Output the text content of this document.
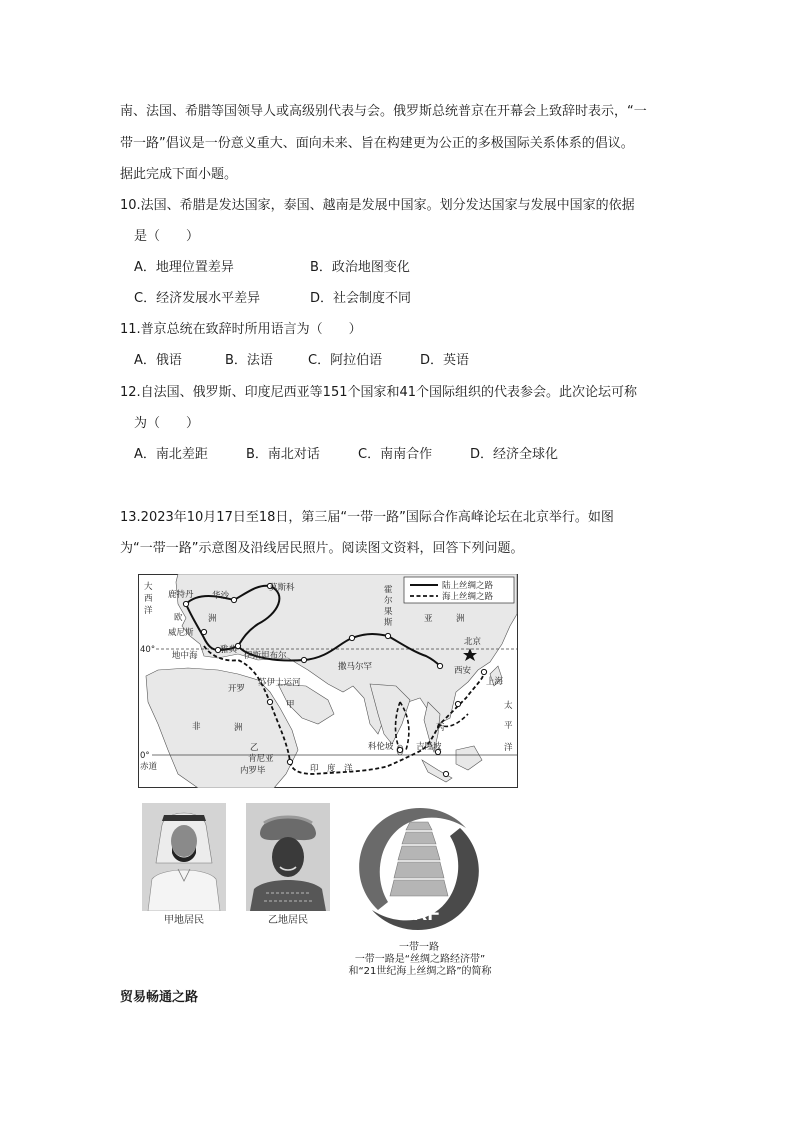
南、法国、希腊等国领导人或高级别代表与会。俄罗斯总统普京在开幕会上致辞时表示，“一
带一路”倡议是一份意义重大、面向未来、旨在构建更为公正的多极国际关系体系的倡议。
据此完成下面小题。
10.法国、希腊是发达国家，泰国、越南是发展中国家。划分发达国家与发展中国家的依据
是（　　）
A．地理位置差异	B．政治地图变化
C．经济发展水平差异	D．社会制度不同
11.普京总统在致辞时所用语言为（　　）
A．俄语	B．法语	C．阿拉伯语	D．英语
12.自法国、俄罗斯、印度尼西亚等151个国家和41个国际组织的代表参会。此次论坛可称
为（　　）
A．南北差距	B．南北对话	C．南南合作	D．经济全球化
13.2023年10月17日至18日，第三届“一带一路”国际合作高峰论坛在北京举行。如图
为“一带一路”示意图及沿线居民照片。阅读图文资料，回答下列问题。
陆上丝绸之路
海上丝绸之路
大
西
洋
鹿特丹 华沙
莫斯科
欧	洲
威尼斯
40°
地中海
雅典
伊斯坦布尔
撒马尔罕
霍
尔
果
斯	亚	洲
北京
西安
上海
开罗
苏伊士运河
甲
非	洲
太
平
洋
丙
乙
肯尼亚
内罗毕
科伦坡	吉隆坡
0°
赤道	印　度　洋
甲地居民	乙地居民	BRF
一带一路
一带一路是“丝绸之路经济带”
和“21世纪海上丝绸之路”的简称
贸易畅通之路
